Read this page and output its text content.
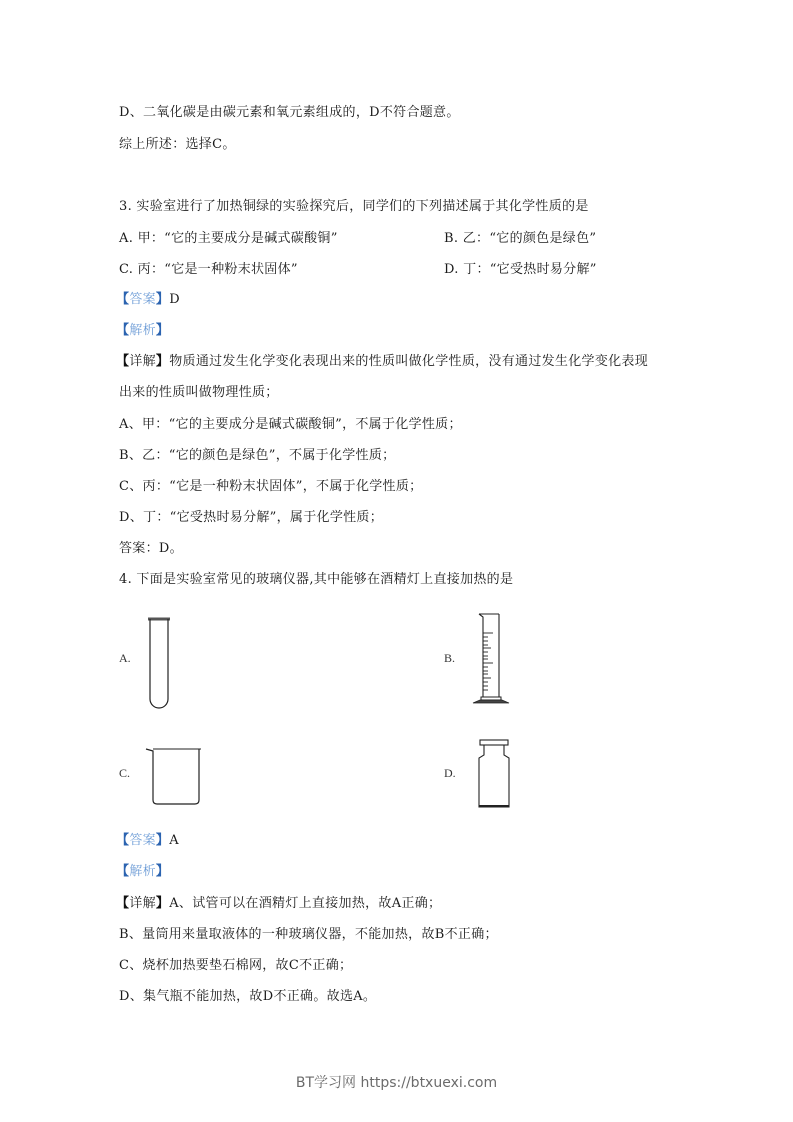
D、二氧化碳是由碳元素和氧元素组成的，D不符合题意。
综上所述：选择C。
3. 实验室进行了加热铜绿的实验探究后，同学们的下列描述属于其化学性质的是
A. 甲：“它的主要成分是碱式碳酸铜”	B. 乙：“它的颜色是绿色”
C. 丙：“它是一种粉末状固体”	D. 丁：“它受热时易分解”
【答案】D
【解析】
【详解】物质通过发生化学变化表现出来的性质叫做化学性质，没有通过发生化学变化表现
出来的性质叫做物理性质；
A、甲：“它的主要成分是碱式碳酸铜”，不属于化学性质；
B、乙：“它的颜色是绿色”，不属于化学性质；
C、丙：“它是一种粉末状固体”，不属于化学性质；
D、丁：“它受热时易分解”，属于化学性质；
答案：D。
4. 下面是实验室常见的玻璃仪器,其中能够在酒精灯上直接加热的是
A.	B.
C.	D.
【答案】A
【解析】
【详解】A、试管可以在酒精灯上直接加热，故A正确；
B、量筒用来量取液体的一种玻璃仪器，不能加热，故B不正确；
C、烧杯加热要垫石棉网，故C不正确；
D、集气瓶不能加热，故D不正确。故选A。
BT学习网 https://btxuexi.com
